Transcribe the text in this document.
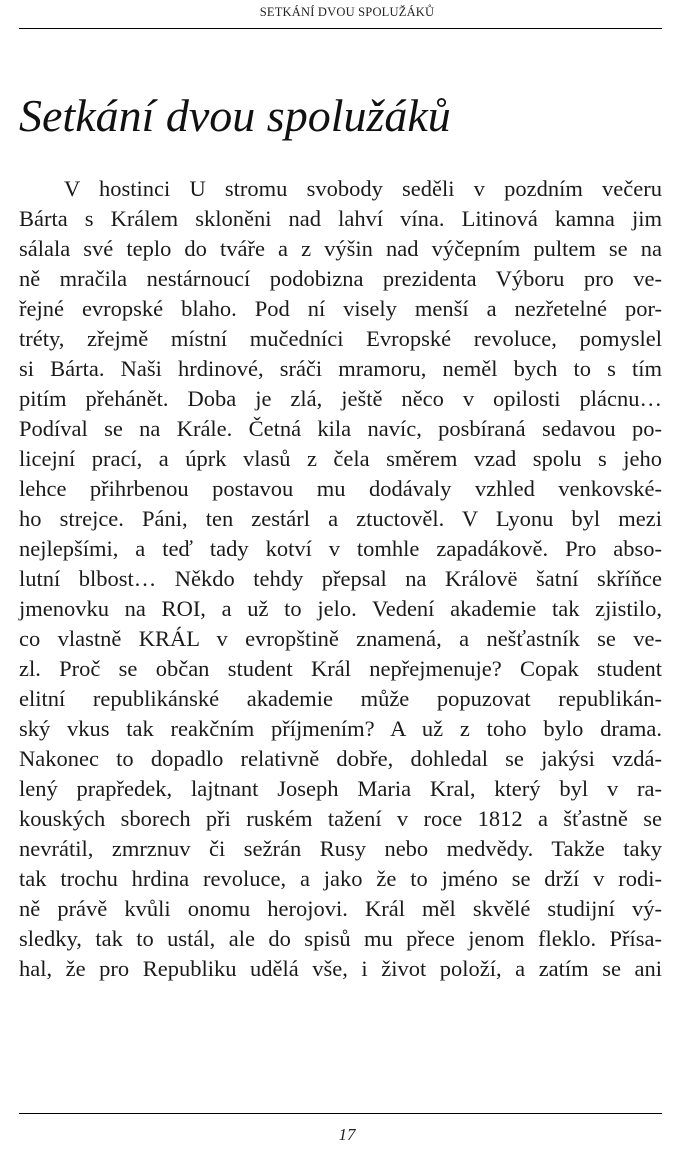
SETKÁNÍ DVOU SPOLUŽÁKŮ
Setkání dvou spolužáků
V hostinci U stromu svobody seděli v pozdním večeru
Bárta s Králem skloněni nad lahví vína. Litinová kamna jim
sálala své teplo do tváře a z výšin nad výčepním pultem se na
ně mračila nestárnoucí podobizna prezidenta Výboru pro ve-
řejné evropské blaho. Pod ní visely menší a nezřetelné por-
tréty, zřejmě místní mučedníci Evropské revoluce, pomyslel
si Bárta. Naši hrdinové, sráči mramoru, neměl bych to s tím
pitím přehánět. Doba je zlá, ještě něco v opilosti plácnu…
Podíval se na Krále. Četná kila navíc, posbíraná sedavou po-
licejní prací, a úprk vlasů z čela směrem vzad spolu s jeho
lehce přihrbenou postavou mu dodávaly vzhled venkovské-
ho strejce. Páni, ten zestárl a ztuctověl. V Lyonu byl mezi
nejlepšími, a teď tady kotví v tomhle zapadákově. Pro abso-
lutní blbost… Někdo tehdy přepsal na Královë šatní skříňce
jmenovku na ROI, a už to jelo. Vedení akademie tak zjistilo,
co vlastně KRÁL v evropštině znamená, a nešťastník se ve-
zl. Proč se občan student Král nepřejmenuje? Copak student
elitní republikánské akademie může popuzovat republikán-
ský vkus tak reakčním příjmením? A už z toho bylo drama.
Nakonec to dopadlo relativně dobře, dohledal se jakýsi vzdá-
lený prapředek, lajtnant Joseph Maria Kral, který byl v ra-
kouských sborech při ruském tažení v roce 1812 a šťastně se
nevrátil, zmrznuv či sežrán Rusy nebo medvědy. Takže taky
tak trochu hrdina revoluce, a jako že to jméno se drží v rodi-
ně právě kvůli onomu herojovi. Král měl skvělé studijní vý-
sledky, tak to ustál, ale do spisů mu přece jenom fleklo. Přísa-
hal, že pro Republiku udělá vše, i život položí, a zatím se ani
17
